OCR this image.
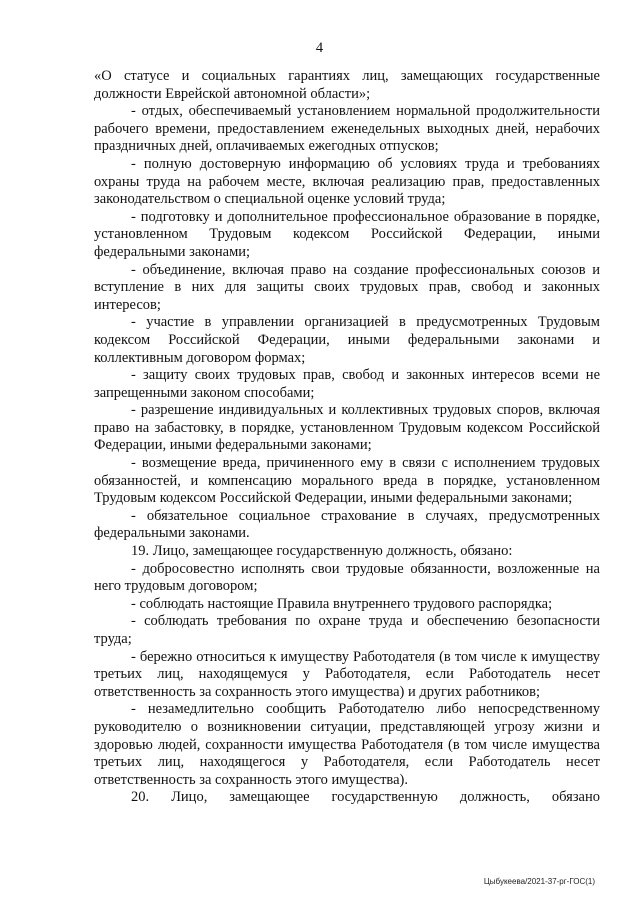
4

«О статусе и социальных гарантиях лиц, замещающих государственные должности Еврейской автономной области»;

- отдых, обеспечиваемый установлением нормальной продолжительности рабочего времени, предоставлением еженедельных выходных дней, нерабочих праздничных дней, оплачиваемых ежегодных отпусков;

- полную достоверную информацию об условиях труда и требованиях охраны труда на рабочем месте, включая реализацию прав, предоставленных законодательством о специальной оценке условий труда;

- подготовку и дополнительное профессиональное образование в порядке, установленном Трудовым кодексом Российской Федерации, иными федеральными законами;

- объединение, включая право на создание профессиональных союзов и вступление в них для защиты своих трудовых прав, свобод и законных интересов;

- участие в управлении организацией в предусмотренных Трудовым кодексом Российской Федерации, иными федеральными законами и коллективным договором формах;

- защиту своих трудовых прав, свобод и законных интересов всеми не запрещенными законом способами;

- разрешение индивидуальных и коллективных трудовых споров, включая право на забастовку, в порядке, установленном Трудовым кодексом Российской Федерации, иными федеральными законами;

- возмещение вреда, причиненного ему в связи с исполнением трудовых обязанностей, и компенсацию морального вреда в порядке, установленном Трудовым кодексом Российской Федерации, иными федеральными законами;

- обязательное социальное страхование в случаях, предусмотренных федеральными законами.

19. Лицо, замещающее государственную должность, обязано:

- добросовестно исполнять свои трудовые обязанности, возложенные на него трудовым договором;

- соблюдать настоящие Правила внутреннего трудового распорядка;

- соблюдать требования по охране труда и обеспечению безопасности труда;

- бережно относиться к имуществу Работодателя (в том числе к имуществу третьих лиц, находящемуся у Работодателя, если Работодатель несет ответственность за сохранность этого имущества) и других работников;

- незамедлительно сообщить Работодателю либо непосредственному руководителю о возникновении ситуации, представляющей угрозу жизни и здоровью людей, сохранности имущества Работодателя (в том числе имущества третьих лиц, находящегося у Работодателя, если Работодатель несет ответственность за сохранность этого имущества).

20. Лицо, замещающее государственную должность, обязано

Цыбукеева/2021-37-рг-ГОС(1)
